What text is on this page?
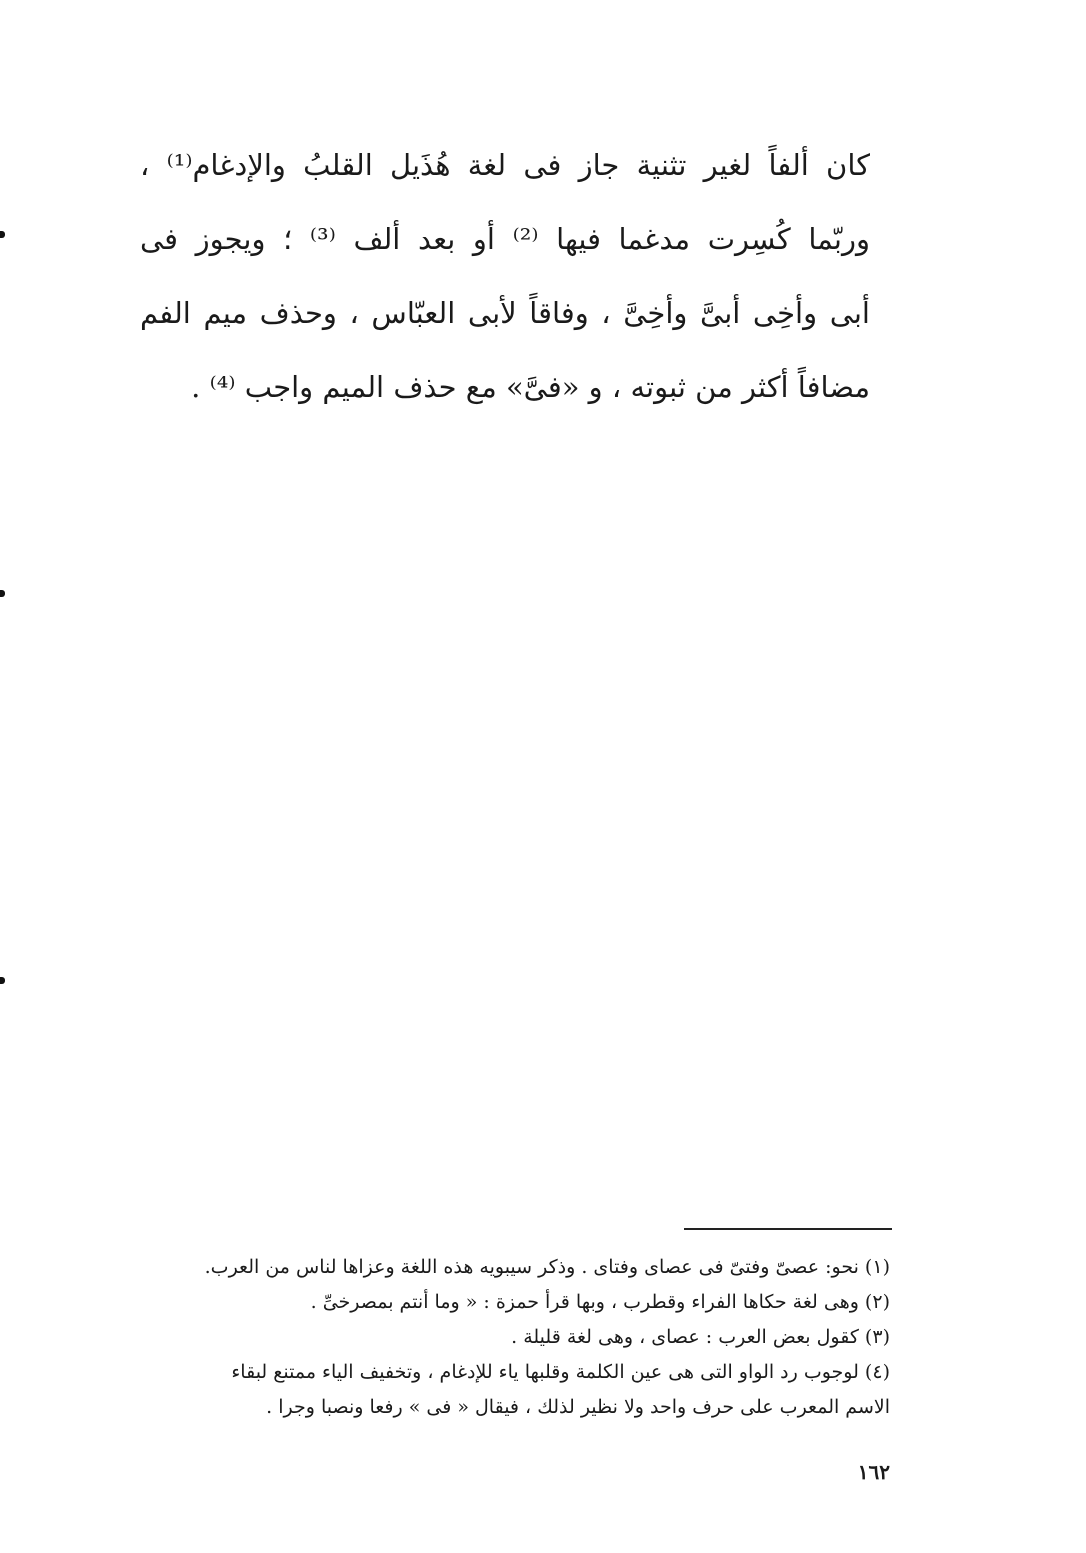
كان ألفاً لغير تثنية جاز فى لغة هُذَيل القلبُ والإدغام⁽¹⁾ ،
وربّما كُسِرت مدغما فيها ⁽²⁾ أو بعد ألف ⁽³⁾ ؛ ويجوز فى
أبى وأخِى أبىَّ وأخِىَّ ، وفاقاً لأبى العبّاس ، وحذف ميم الفم
مضافاً أكثر من ثبوته ، و «فىَّ» مع حذف الميم واجب ⁽⁴⁾ .
(١) نحو: عصىّ وفتىّ فى عصاى وفتاى . وذكر سيبويه هذه اللغة وعزاها لناس من العرب.
(٢) وهى لغة حكاها الفراء وقطرب ، وبها قرأ حمزة : « وما أنتم بمصرخىِّ .
(٣) كقول بعض العرب : عصاى ، وهى لغة قليلة .
(٤) لوجوب رد الواو التى هى عين الكلمة وقلبها ياء للإدغام ، وتخفيف الياء ممتنع لبقاء
الاسم المعرب على حرف واحد ولا نظير لذلك ، فيقال « فى » رفعا ونصبا وجرا .
١٦٢
